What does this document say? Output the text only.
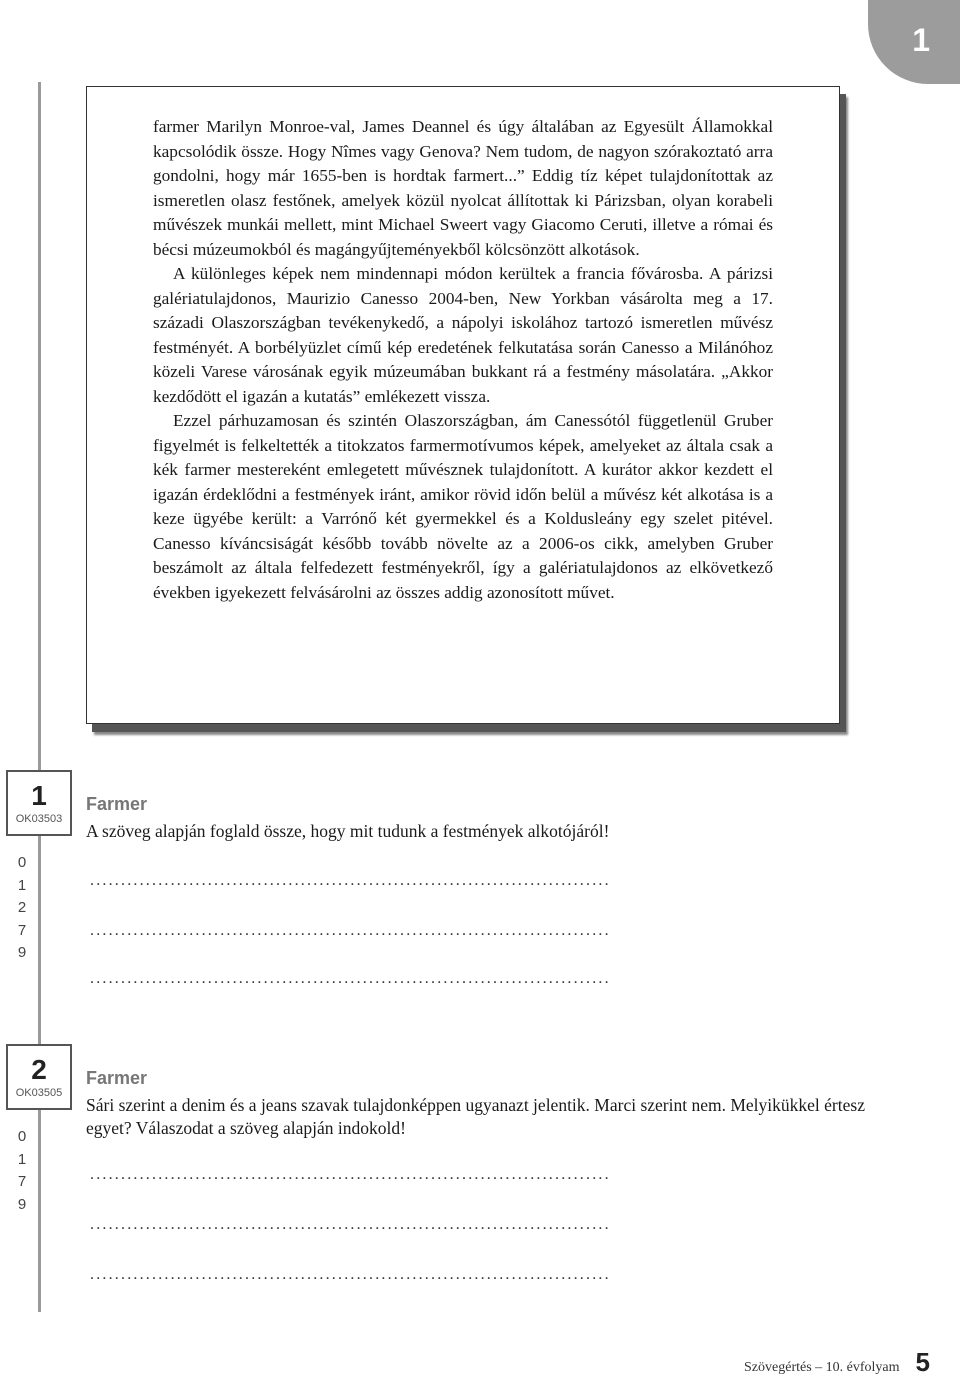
1

farmer Marilyn Monroe-val, James Deannel és úgy általában az Egyesült Államokkal kapcsolódik össze. Hogy Nîmes vagy Genova? Nem tudom, de nagyon szórakoztató arra gondolni, hogy már 1655-ben is hordtak farmert...” Eddig tíz képet tulajdonítottak az ismeretlen olasz festőnek, amelyek közül nyolcat állítottak ki Párizsban, olyan korabeli művészek munkái mellett, mint Michael Sweert vagy Giacomo Ceruti, illetve a római és bécsi múzeumokból és magángyűjteményekből kölcsönzött alkotások.

A különleges képek nem mindennapi módon kerültek a francia fővárosba. A párizsi galériatulajdonos, Maurizio Canesso 2004-ben, New Yorkban vásárolta meg a 17. századi Olaszországban tevékenykedő, a nápolyi iskolához tartozó ismeretlen művész festményét. A borbélyüzlet című kép eredetének felkutatása során Canesso a Milánóhoz közeli Varese városának egyik múzeumában bukkant rá a festmény másolatára. „Akkor kezdődött el igazán a kutatás” emlékezett vissza.

Ezzel párhuzamosan és szintén Olaszországban, ám Canessótól függetlenül Gruber figyelmét is felkeltették a titokzatos farmermotívumos képek, amelyeket az általa csak a kék farmer mestereként emlegetett művésznek tulajdonított. A kurátor akkor kezdett el igazán érdeklődni a festmények iránt, amikor rövid időn belül a művész két alkotása is a keze ügyébe került: a Varrónő két gyermekkel és a Koldusleány egy szelet pitével. Canesso kíváncsiságát később tovább növelte az a 2006-os cikk, amelyben Gruber beszámolt az általa felfedezett festményekről, így a galériatulajdonos az elkövetkező években igyekezett felvásárolni az összes addig azonosított művet.

1
OK03503
0
1
2
7
9
Farmer
A szöveg alapján foglald össze, hogy mit tudunk a festmények alkotójáról!
....................................................................................
....................................................................................
....................................................................................
2
OK03505
0
1
7
9
Farmer
Sári szerint a denim és a jeans szavak tulajdonképpen ugyanazt jelentik. Marci szerint nem. Melyikükkel értesz egyet? Válaszodat a szöveg alapján indokold!
....................................................................................
....................................................................................
....................................................................................
Szövegértés – 10. évfolyam 5
